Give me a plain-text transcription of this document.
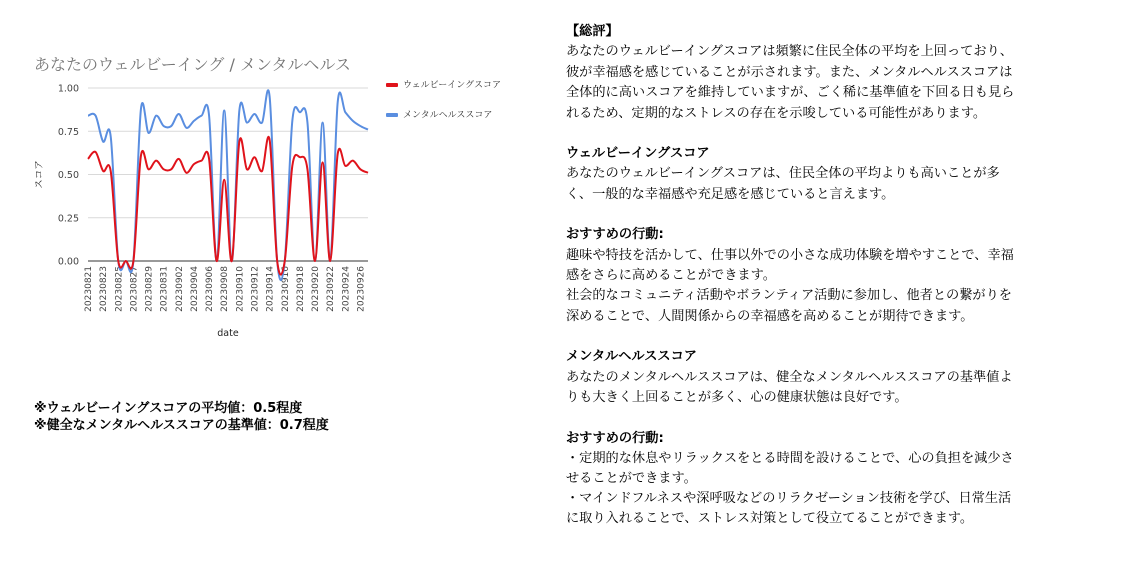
あなたのウェルビーイング / メンタルヘルス
0.00
0.25
0.50
0.75
1.00
スコア
20230821 20230823 20230825 20230827 20230829 20230831 20230902 20230904 20230906 20230908 20230910 20230912 20230914 20230916 20230918 20230920 20230922 20230924 20230926
date
ウェルビーイングスコア
メンタルヘルススコア
※ウェルビーイングスコアの平均値：0.5程度
※健全なメンタルヘルススコアの基準値：0.7程度

【総評】

あなたのウェルビーイングスコアは頻繁に住民全体の平均を上回っており、

彼が幸福感を感じていることが示されます。また、メンタルヘルススコアは

全体的に高いスコアを維持していますが、ごく稀に基準値を下回る日も見ら

れるため、定期的なストレスの存在を示唆している可能性があります。

ウェルビーイングスコア

あなたのウェルビーイングスコアは、住民全体の平均よりも高いことが多

く、一般的な幸福感や充足感を感じていると言えます。

おすすめの行動:

趣味や特技を活かして、仕事以外での小さな成功体験を増やすことで、幸福

感をさらに高めることができます。

社会的なコミュニティ活動やボランティア活動に参加し、他者との繋がりを

深めることで、人間関係からの幸福感を高めることが期待できます。

メンタルヘルススコア

あなたのメンタルヘルススコアは、健全なメンタルヘルススコアの基準値よ

りも大きく上回ることが多く、心の健康状態は良好です。

おすすめの行動:

・定期的な休息やリラックスをとる時間を設けることで、心の負担を減少さ

せることができます。

・マインドフルネスや深呼吸などのリラクゼーション技術を学び、日常生活

に取り入れることで、ストレス対策として役立てることができます。
